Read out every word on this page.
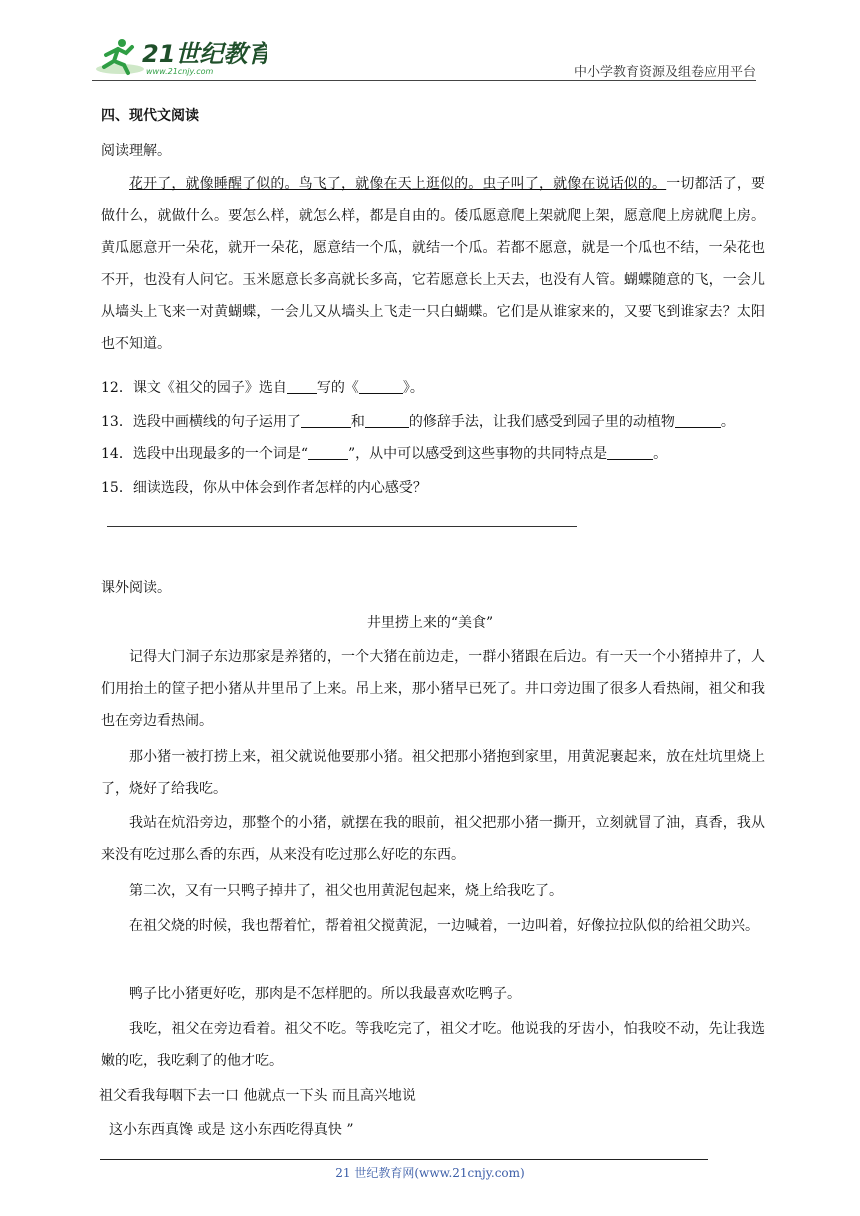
21世纪教育
www.21cnjy.com	中小学教育资源及组卷应用平台
四、现代文阅读
阅读理解。
花开了，就像睡醒了似的。鸟飞了，就像在天上逛似的。虫子叫了，就像在说话似的。一切都活了，要做什么，就做什么。要怎么样，就怎么样，都是自由的。倭瓜愿意爬上架就爬上架，愿意爬上房就爬上房。黄瓜愿意开一朵花，就开一朵花，愿意结一个瓜，就结一个瓜。若都不愿意，就是一个瓜也不结，一朵花也不开，也没有人问它。玉米愿意长多高就长多高，它若愿意长上天去，也没有人管。蝴蝶随意的飞，一会儿从墙头上飞来一对黄蝴蝶，一会儿又从墙头上飞走一只白蝴蝶。它们是从谁家来的，又要飞到谁家去？太阳也不知道。
12．课文《祖父的园子》选自 写的《	》。
13．选段中画横线的句子运用了	和	的修辞手法，让我们感受到园子里的动植物	。
14．选段中出现最多的一个词是“	”，从中可以感受到这些事物的共同特点是	。
15．细读选段，你从中体会到作者怎样的内心感受？
课外阅读。
井里捞上来的“美食”
记得大门洞子东边那家是养猪的，一个大猪在前边走，一群小猪跟在后边。有一天一个小猪掉井了，人们用抬土的筐子把小猪从井里吊了上来。吊上来，那小猪早已死了。井口旁边围了很多人看热闹，祖父和我也在旁边看热闹。
那小猪一被打捞上来，祖父就说他要那小猪。祖父把那小猪抱到家里，用黄泥裹起来，放在灶坑里烧上了，烧好了给我吃。
我站在炕沿旁边，那整个的小猪，就摆在我的眼前，祖父把那小猪一撕开，立刻就冒了油，真香，我从来没有吃过那么香的东西，从来没有吃过那么好吃的东西。
第二次，又有一只鸭子掉井了，祖父也用黄泥包起来，烧上给我吃了。
在祖父烧的时候，我也帮着忙，帮着祖父搅黄泥，一边喊着，一边叫着，好像拉拉队似的给祖父助兴。
鸭子比小猪更好吃，那肉是不怎样肥的。所以我最喜欢吃鸭子。
我吃，祖父在旁边看着。祖父不吃。等我吃完了，祖父才吃。他说我的牙齿小，怕我咬不动，先让我选嫩的吃，我吃剩了的他才吃。
祖父看我每咽下去一口 他就点一下头 而且高兴地说
这小东西真馋 或是 这小东西吃得真快 ”
21 世纪教育网(www.21cnjy.com)
